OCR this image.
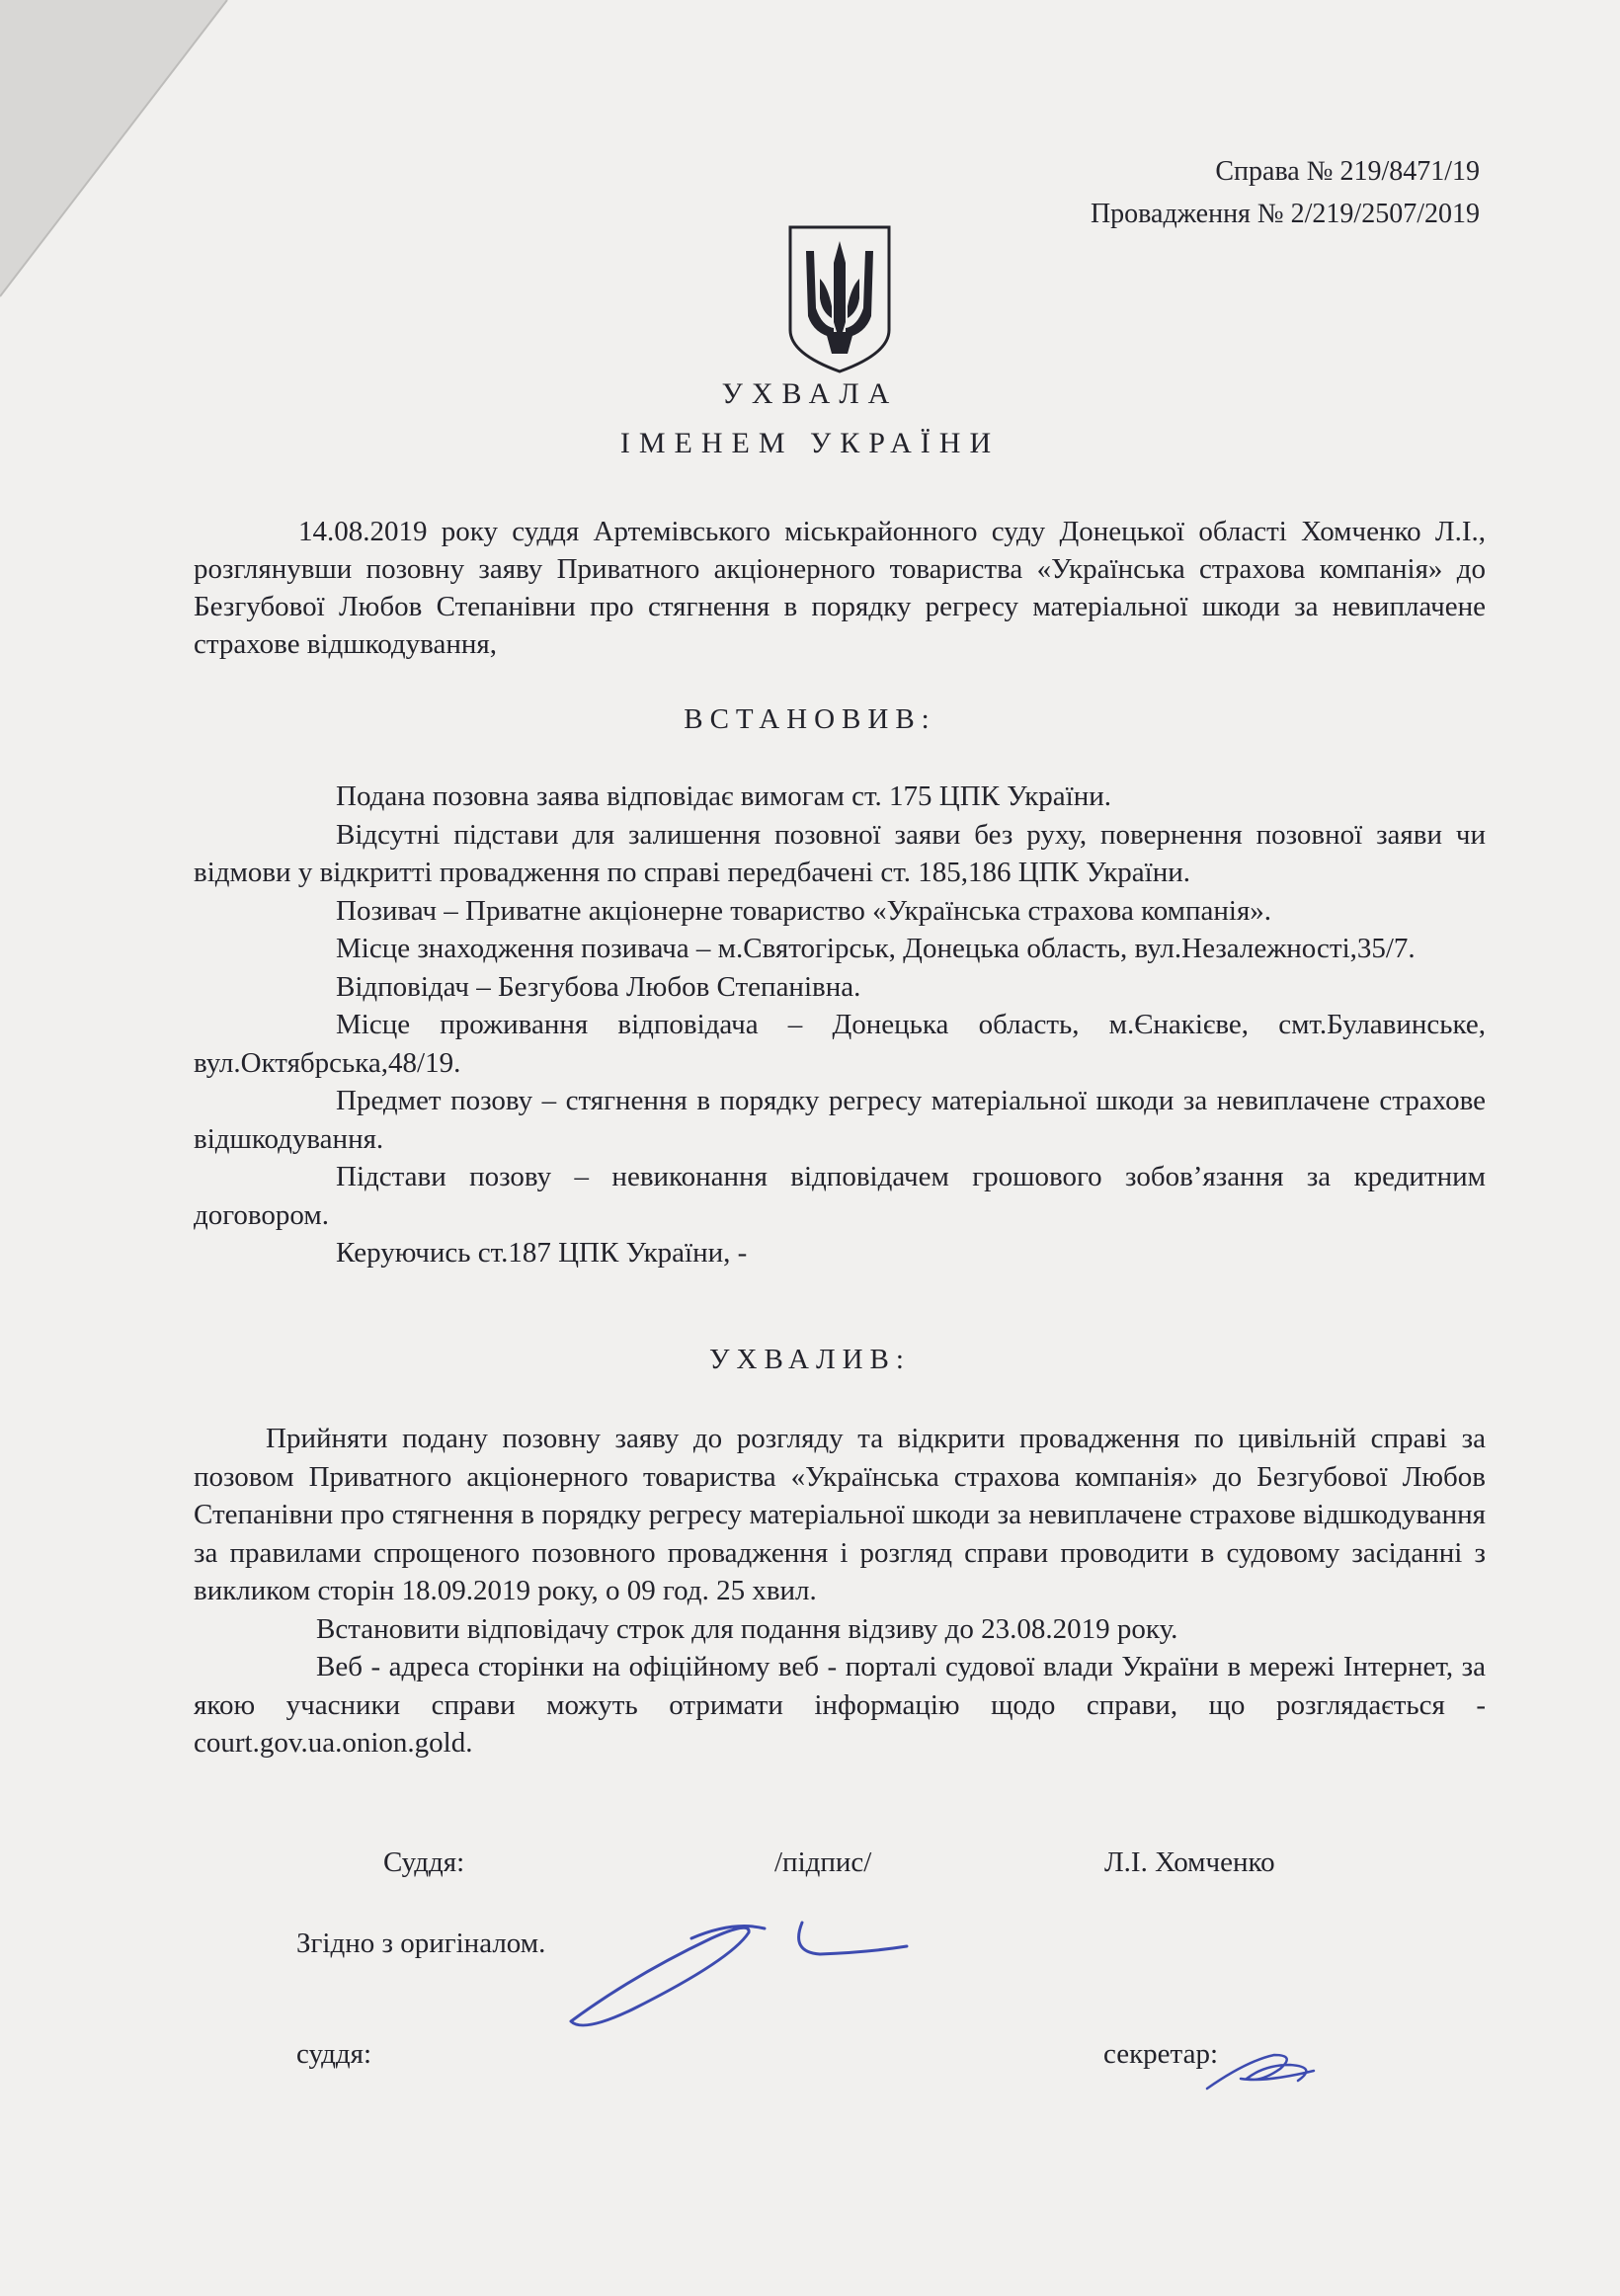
Справа № 219/8471/19
Провадження № 2/219/2507/2019
УХВАЛА
ІМЕНЕМ УКРАЇНИ

14.08.2019 року суддя Артемівського міськрайонного суду Донецької області Хомченко Л.І., розглянувши позовну заяву Приватного акціонерного товариства «Українська страхова компанія» до Безгубової Любов Степанівни про стягнення в порядку регресу матеріальної шкоди за невиплачене страхове відшкодування,

ВСТАНОВИВ:

Подана позовна заява відповідає вимогам ст. 175 ЦПК України.

Відсутні підстави для залишення позовної заяви без руху, повернення позовної заяви чи відмови у відкритті провадження по справі передбачені ст. 185,186 ЦПК України.

Позивач – Приватне акціонерне товариство «Українська страхова компанія».

Місце знаходження позивача – м.Святогірськ, Донецька область, вул.Незалежності,35/7.

Відповідач – Безгубова Любов Степанівна.

Місце проживання відповідача – Донецька область, м.Єнакієве, смт.Булавинське, вул.Октябрська,48/19.

Предмет позову – стягнення в порядку регресу матеріальної шкоди за невиплачене страхове відшкодування.

Підстави позову – невиконання відповідачем грошового зобов’язання за кредитним договором.

Керуючись ст.187 ЦПК України, -

УХВАЛИВ:

Прийняти подану позовну заяву до розгляду та відкрити провадження по цивільній справі за позовом Приватного акціонерного товариства «Українська страхова компанія» до Безгубової Любов Степанівни про стягнення в порядку регресу матеріальної шкоди за невиплачене страхове відшкодування за правилами спрощеного позовного провадження і розгляд справи проводити в судовому засіданні з викликом сторін 18.09.2019 року, о 09 год. 25 хвил.

Встановити відповідачу строк для подання відзиву до 23.08.2019 року.

Веб - адреса сторінки на офіційному веб - порталі судової влади України в мережі Інтернет, за якою учасники справи можуть отримати інформацію щодо справи, що розглядається - court.gov.ua.onion.gold.

Суддя:	/підпис/	Л.І. Хомченко
Згідно з оригіналом.
суддя:	секретар:
